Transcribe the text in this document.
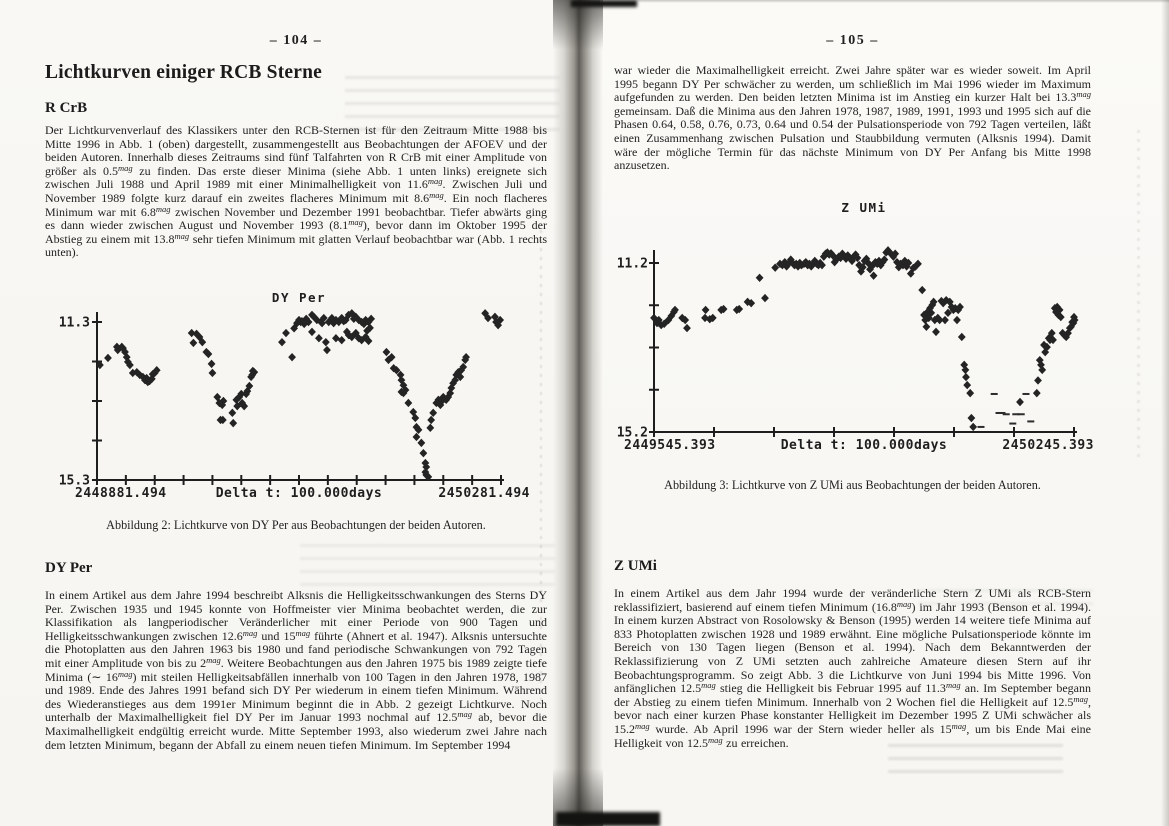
– 104 –
Lichtkurven einiger RCB Sterne
R CrB
Der Lichtkurvenverlauf des Klassikers unter den RCB-Sternen ist für den Zeitraum Mitte 1988 bis Mitte 1996 in Abb. 1 (oben) dargestellt, zusammengestellt aus Beobachtungen der AFOEV und der beiden Autoren. Innerhalb dieses Zeitraums sind fünf Talfahrten von R CrB mit einer Amplitude von größer als $0.5^{mag}$ zu finden. Das erste dieser Minima (siehe Abb. 1 unten links) ereignete sich zwischen Juli 1988 und April 1989 mit einer Minimalhelligkeit von $11.6^{mag}$. Zwischen Juli und November 1989 folgte kurz darauf ein zweites flacheres Minimum mit $8.6^{mag}$. Ein noch flacheres Minimum war mit $6.8^{mag}$ zwischen November und Dezember 1991 beobachtbar. Tiefer abwärts ging es dann wieder zwischen August und November 1993 $(8.1^{mag})$, bevor dann im Oktober 1995 der Abstieg zu einem mit $13.8^{mag}$ sehr tiefen Minimum mit glatten Verlauf beobachtbar war (Abb. 1 rechts unten).
DY Per
11.3
15.3
2448881.494	Delta t: 100.000days	2450281.494
Abbildung 2: Lichtkurve von DY Per aus Beobachtungen der beiden Autoren.
DY Per
In einem Artikel aus dem Jahre 1994 beschreibt Alksnis die Helligkeitsschwankungen des Sterns DY Per. Zwischen 1935 und 1945 konnte von Hoffmeister vier Minima beobachtet werden, die zur Klassifikation als langperiodischer Veränderlicher mit einer Periode von 900 Tagen und Helligkeitsschwankungen zwischen $12.6^{mag}$ und $15^{mag}$ führte (Ahnert et al. 1947). Alksnis untersuchte die Photoplatten aus den Jahren 1963 bis 1980 und fand periodische Schwankungen von 792 Tagen mit einer Amplitude von bis zu $2^{mag}$. Weitere Beobachtungen aus den Jahren 1975 bis 1989 zeigte tiefe Minima (∼ $16^{mag}$) mit steilen Helligkeitsabfällen innerhalb von 100 Tagen in den Jahren 1978, 1987 und 1989. Ende des Jahres 1991 befand sich DY Per wiederum in einem tiefen Minimum. Während des Wiederanstieges aus dem 1991er Minimum beginnt die in Abb. 2 gezeigt Lichtkurve. Noch unterhalb der Maximalhelligkeit fiel DY Per im Januar 1993 nochmal auf $12.5^{mag}$ ab, bevor die Maximalhelligkeit endgültig erreicht wurde. Mitte September 1993, also wiederum zwei Jahre nach dem letzten Minimum, begann der Abfall zu einem neuen tiefen Minimum. Im September 1994
– 105 –
war wieder die Maximalhelligkeit erreicht. Zwei Jahre später war es wieder soweit. Im April 1995 begann DY Per schwächer zu werden, um schließlich im Mai 1996 wieder im Maximum aufgefunden zu werden. Den beiden letzten Minima ist im Anstieg ein kurzer Halt bei $13.3^{mag}$ gemeinsam. Daß die Minima aus den Jahren 1978, 1987, 1989, 1991, 1993 und 1995 sich auf die Phasen 0.64, 0.58, 0.76, 0.73, 0.64 und 0.54 der Pulsationsperiode von 792 Tagen verteilen, läßt einen Zusammenhang zwischen Pulsation und Staubbildung vermuten (Alksnis 1994). Damit wäre der mögliche Termin für das nächste Minimum von DY Per Anfang bis Mitte 1998 anzusetzen.
Z UMi
11.2
15.2
2449545.393	Delta t: 100.000days	2450245.393
Abbildung 3: Lichtkurve von Z UMi aus Beobachtungen der beiden Autoren.
Z UMi
In einem Artikel aus dem Jahr 1994 wurde der veränderliche Stern Z UMi als RCB-Stern reklassifiziert, basierend auf einem tiefen Minimum $(16.8^{mag})$ im Jahr 1993 (Benson et al. 1994). In einem kurzen Abstract von Rosolowsky & Benson (1995) werden 14 weitere tiefe Minima auf 833 Photoplatten zwischen 1928 und 1989 erwähnt. Eine mögliche Pulsationsperiode könnte im Bereich von 130 Tagen liegen (Benson et al. 1994). Nach dem Bekanntwerden der Reklassifizierung von Z UMi setzten auch zahlreiche Amateure diesen Stern auf ihr Beobachtungsprogramm. So zeigt Abb. 3 die Lichtkurve von Juni 1994 bis Mitte 1996. Von anfänglichen $12.5^{mag}$ stieg die Helligkeit bis Februar 1995 auf $11.3^{mag}$ an. Im September begann der Abstieg zu einem tiefen Minimum. Innerhalb von 2 Wochen fiel die Helligkeit auf $12.5^{mag}$, bevor nach einer kurzen Phase konstanter Helligkeit im Dezember 1995 Z UMi schwächer als $15.2^{mag}$ wurde. Ab April 1996 war der Stern wieder heller als $15^{mag}$, um bis Ende Mai eine Helligkeit von $12.5^{mag}$ zu erreichen.
